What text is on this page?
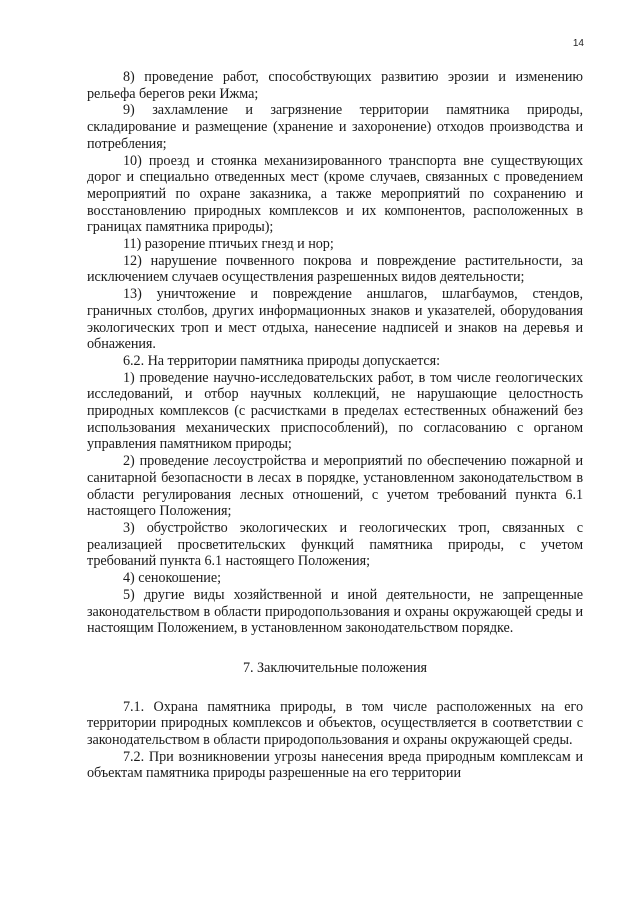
14

8) проведение работ, способствующих развитию эрозии и изменению рельефа берегов реки Ижма;

9) захламление и загрязнение территории памятника природы, складирование и размещение (хранение и захоронение) отходов производства и потребления;

10) проезд и стоянка механизированного транспорта вне существующих дорог и специально отведенных мест (кроме случаев, связанных с проведением мероприятий по охране заказника, а также мероприятий по сохранению и восстановлению природных комплексов и их компонентов, расположенных в границах памятника природы);

11) разорение птичьих гнезд и нор;

12) нарушение почвенного покрова и повреждение растительности, за исключением случаев осуществления разрешенных видов деятельности;

13) уничтожение и повреждение аншлагов, шлагбаумов, стендов, граничных столбов, других информационных знаков и указателей, оборудования экологических троп и мест отдыха, нанесение надписей и знаков на деревья и обнажения.

6.2. На территории памятника природы допускается:

1) проведение научно-исследовательских работ, в том числе геологических исследований, и отбор научных коллекций, не нарушающие целостность природных комплексов (с расчистками в пределах естественных обнажений без использования механических приспособлений), по согласованию с органом управления памятником природы;

2) проведение лесоустройства и мероприятий по обеспечению пожарной и санитарной безопасности в лесах в порядке, установленном законодательством в области регулирования лесных отношений, с учетом требований пункта 6.1 настоящего Положения;

3) обустройство экологических и геологических троп, связанных с реализацией просветительских функций памятника природы, с учетом требований пункта 6.1 настоящего Положения;

4) сенокошение;

5) другие виды хозяйственной и иной деятельности, не запрещенные законодательством в области природопользования и охраны окружающей среды и настоящим Положением, в установленном законодательством порядке.

7. Заключительные положения

7.1. Охрана памятника природы, в том числе расположенных на его территории природных комплексов и объектов, осуществляется в соответствии с законодательством в области природопользования и охраны окружающей среды.

7.2. При возникновении угрозы нанесения вреда природным комплексам и объектам памятника природы разрешенные на его территории
